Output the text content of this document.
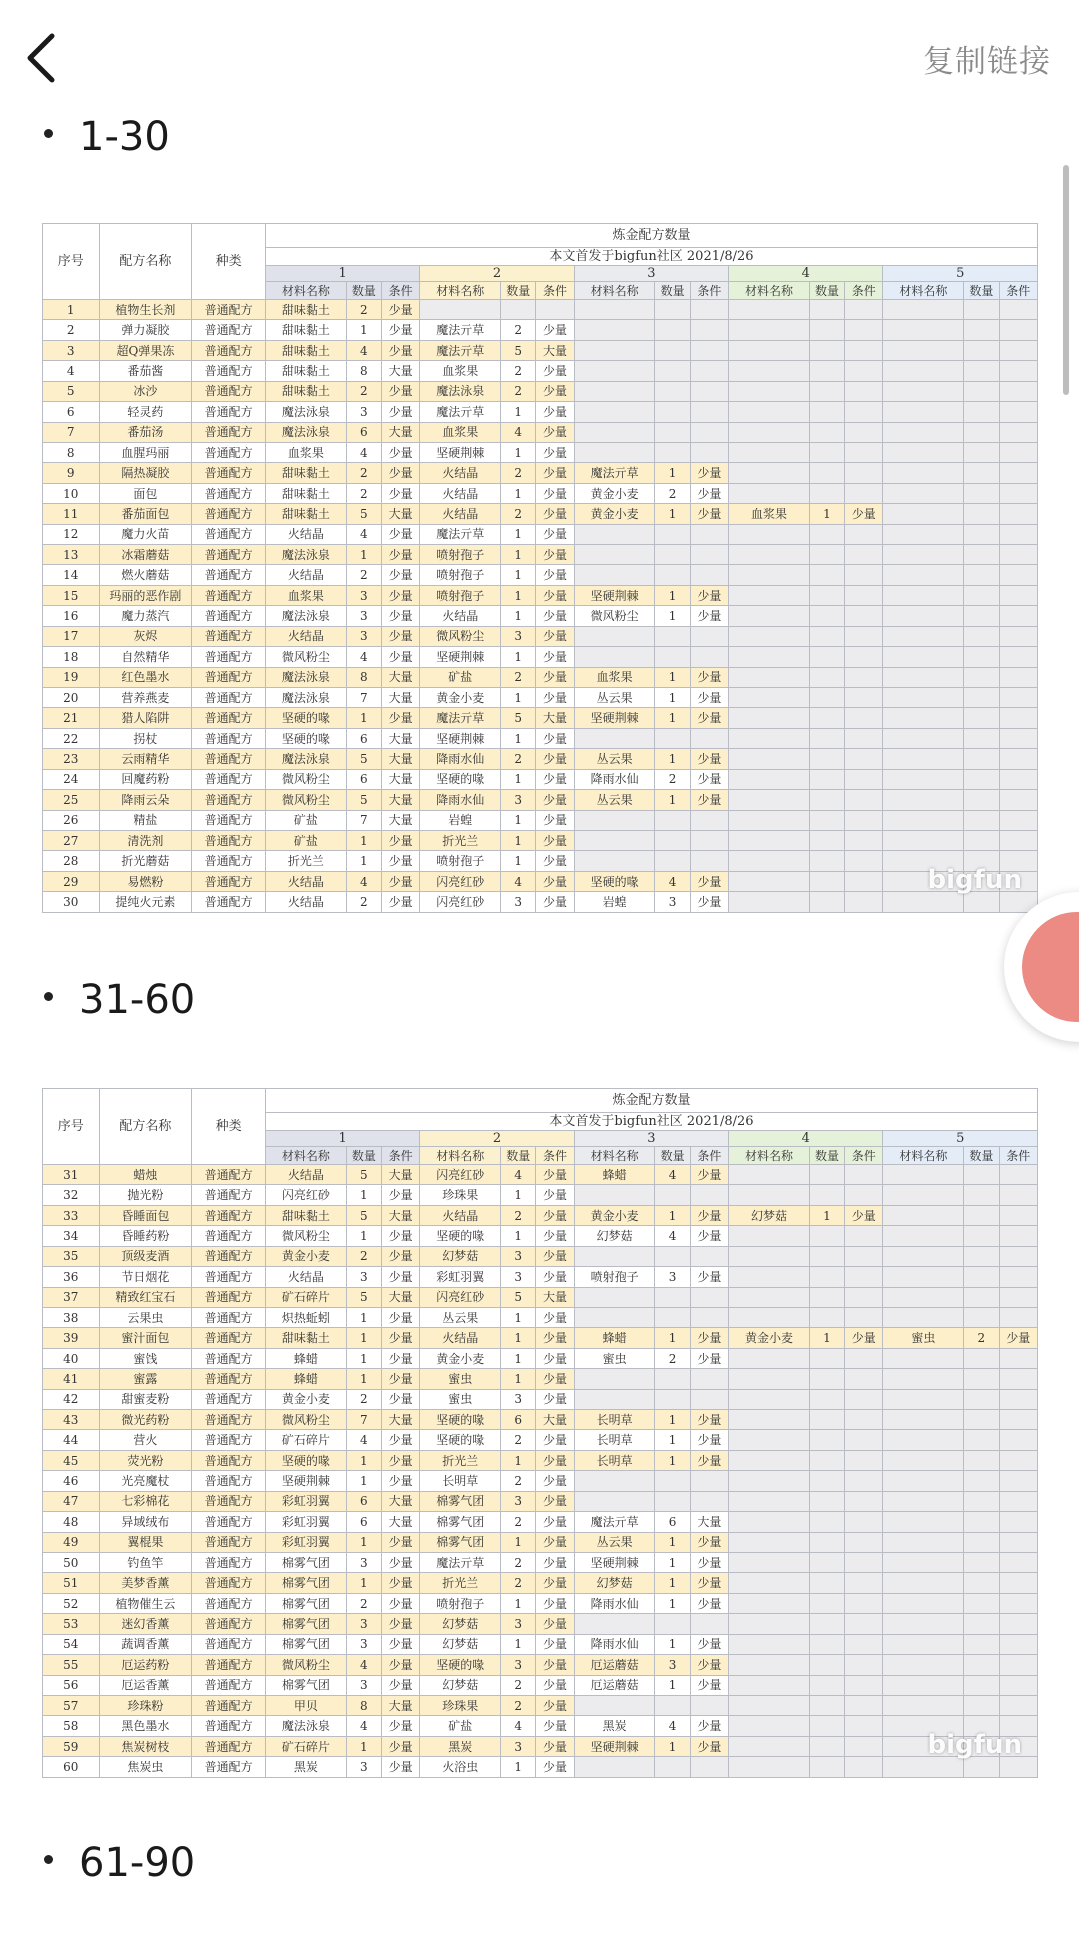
复制链接
1-30
序号	配方名称	种类	炼金配方数量														
			本文首发于bigfun社区 2021/8/26														
			1			2			3			4			5		
			材料名称	数量	条件	材料名称	数量	条件	材料名称	数量	条件	材料名称	数量	条件	材料名称	数量	条件
1	植物生长剂	普通配方	甜味黏土	2	少量												
2	弹力凝胶	普通配方	甜味黏土	1	少量	魔法亓草	2	少量									
3	超Q弹果冻	普通配方	甜味黏土	4	少量	魔法亓草	5	大量									
4	番茄酱	普通配方	甜味黏土	8	大量	血浆果	2	少量									
5	冰沙	普通配方	甜味黏土	2	少量	魔法泳泉	2	少量									
6	轻灵药	普通配方	魔法泳泉	3	少量	魔法亓草	1	少量									
7	番茄汤	普通配方	魔法泳泉	6	大量	血浆果	4	少量									
8	血腥玛丽	普通配方	血浆果	4	少量	坚硬荆棘	1	少量									
9	隔热凝胶	普通配方	甜味黏土	2	少量	火结晶	2	少量	魔法亓草	1	少量						
10	面包	普通配方	甜味黏土	2	少量	火结晶	1	少量	黄金小麦	2	少量						
11	番茄面包	普通配方	甜味黏土	5	大量	火结晶	2	少量	黄金小麦	1	少量	血浆果	1	少量			
12	魔力火苗	普通配方	火结晶	4	少量	魔法亓草	1	少量									
13	冰霜蘑菇	普通配方	魔法泳泉	1	少量	喷射孢子	1	少量									
14	燃火蘑菇	普通配方	火结晶	2	少量	喷射孢子	1	少量									
15	玛丽的恶作剧	普通配方	血浆果	3	少量	喷射孢子	1	少量	坚硬荆棘	1	少量						
16	魔力蒸汽	普通配方	魔法泳泉	3	少量	火结晶	1	少量	微风粉尘	1	少量						
17	灰烬	普通配方	火结晶	3	少量	微风粉尘	3	少量									
18	自然精华	普通配方	微风粉尘	4	少量	坚硬荆棘	1	少量									
19	红色墨水	普通配方	魔法泳泉	8	大量	矿盐	2	少量	血浆果	1	少量						
20	营养燕麦	普通配方	魔法泳泉	7	大量	黄金小麦	1	少量	丛云果	1	少量						
21	猎人陷阱	普通配方	坚硬的喙	1	少量	魔法亓草	5	大量	坚硬荆棘	1	少量						
22	拐杖	普通配方	坚硬的喙	6	大量	坚硬荆棘	1	少量									
23	云雨精华	普通配方	魔法泳泉	5	大量	降雨水仙	2	少量	丛云果	1	少量						
24	回魔药粉	普通配方	微风粉尘	6	大量	坚硬的喙	1	少量	降雨水仙	2	少量						
25	降雨云朵	普通配方	微风粉尘	5	大量	降雨水仙	3	少量	丛云果	1	少量						
26	精盐	普通配方	矿盐	7	大量	岩蝗	1	少量									
27	清洗剂	普通配方	矿盐	1	少量	折光兰	1	少量									
28	折光蘑菇	普通配方	折光兰	1	少量	喷射孢子	1	少量									
29	易燃粉	普通配方	火结晶	4	少量	闪亮红砂	4	少量	坚硬的喙	4	少量						
30	提纯火元素	普通配方	火结晶	2	少量	闪亮红砂	3	少量	岩蝗	3	少量						
bigfun
31-60
序号	配方名称	种类	炼金配方数量														
			本文首发于bigfun社区 2021/8/26														
			1			2			3			4			5		
			材料名称	数量	条件	材料名称	数量	条件	材料名称	数量	条件	材料名称	数量	条件	材料名称	数量	条件
31	蜡烛	普通配方	火结晶	5	大量	闪亮红砂	4	少量	蜂蜡	4	少量						
32	抛光粉	普通配方	闪亮红砂	1	少量	珍珠果	1	少量									
33	昏睡面包	普通配方	甜味黏土	5	大量	火结晶	2	少量	黄金小麦	1	少量	幻梦菇	1	少量			
34	昏睡药粉	普通配方	微风粉尘	1	少量	坚硬的喙	1	少量	幻梦菇	4	少量						
35	顶级麦酒	普通配方	黄金小麦	2	少量	幻梦菇	3	少量									
36	节日烟花	普通配方	火结晶	3	少量	彩虹羽翼	3	少量	喷射孢子	3	少量						
37	精致红宝石	普通配方	矿石碎片	5	大量	闪亮红砂	5	大量									
38	云果虫	普通配方	炽热蚯蚓	1	少量	丛云果	1	少量									
39	蜜汁面包	普通配方	甜味黏土	1	少量	火结晶	1	少量	蜂蜡	1	少量	黄金小麦	1	少量	蜜虫	2	少量
40	蜜饯	普通配方	蜂蜡	1	少量	黄金小麦	1	少量	蜜虫	2	少量						
41	蜜露	普通配方	蜂蜡	1	少量	蜜虫	1	少量									
42	甜蜜麦粉	普通配方	黄金小麦	2	少量	蜜虫	3	少量									
43	微光药粉	普通配方	微风粉尘	7	大量	坚硬的喙	6	大量	长明草	1	少量						
44	营火	普通配方	矿石碎片	4	少量	坚硬的喙	2	少量	长明草	1	少量						
45	荧光粉	普通配方	坚硬的喙	1	少量	折光兰	1	少量	长明草	1	少量						
46	光亮魔杖	普通配方	坚硬荆棘	1	少量	长明草	2	少量									
47	七彩棉花	普通配方	彩虹羽翼	6	大量	棉雾气团	3	少量									
48	异域绒布	普通配方	彩虹羽翼	6	大量	棉雾气团	2	少量	魔法亓草	6	大量						
49	翼棍果	普通配方	彩虹羽翼	1	少量	棉雾气团	1	少量	丛云果	1	少量						
50	钓鱼竿	普通配方	棉雾气团	3	少量	魔法亓草	2	少量	坚硬荆棘	1	少量						
51	美梦香薰	普通配方	棉雾气团	1	少量	折光兰	2	少量	幻梦菇	1	少量						
52	植物催生云	普通配方	棉雾气团	2	少量	喷射孢子	1	少量	降雨水仙	1	少量						
53	迷幻香薰	普通配方	棉雾气团	3	少量	幻梦菇	3	少量									
54	蔬调香薰	普通配方	棉雾气团	3	少量	幻梦菇	1	少量	降雨水仙	1	少量						
55	厄运药粉	普通配方	微风粉尘	4	少量	坚硬的喙	3	少量	厄运蘑菇	3	少量						
56	厄运香薰	普通配方	棉雾气团	3	少量	幻梦菇	2	少量	厄运蘑菇	1	少量						
57	珍珠粉	普通配方	甲贝	8	大量	珍珠果	2	少量									
58	黑色墨水	普通配方	魔法泳泉	4	少量	矿盐	4	少量	黑炭	4	少量						
59	焦炭树枝	普通配方	矿石碎片	1	少量	黑炭	3	少量	坚硬荆棘	1	少量						
60	焦炭虫	普通配方	黑炭	3	少量	火浴虫	1	少量									
bigfun
61-90
